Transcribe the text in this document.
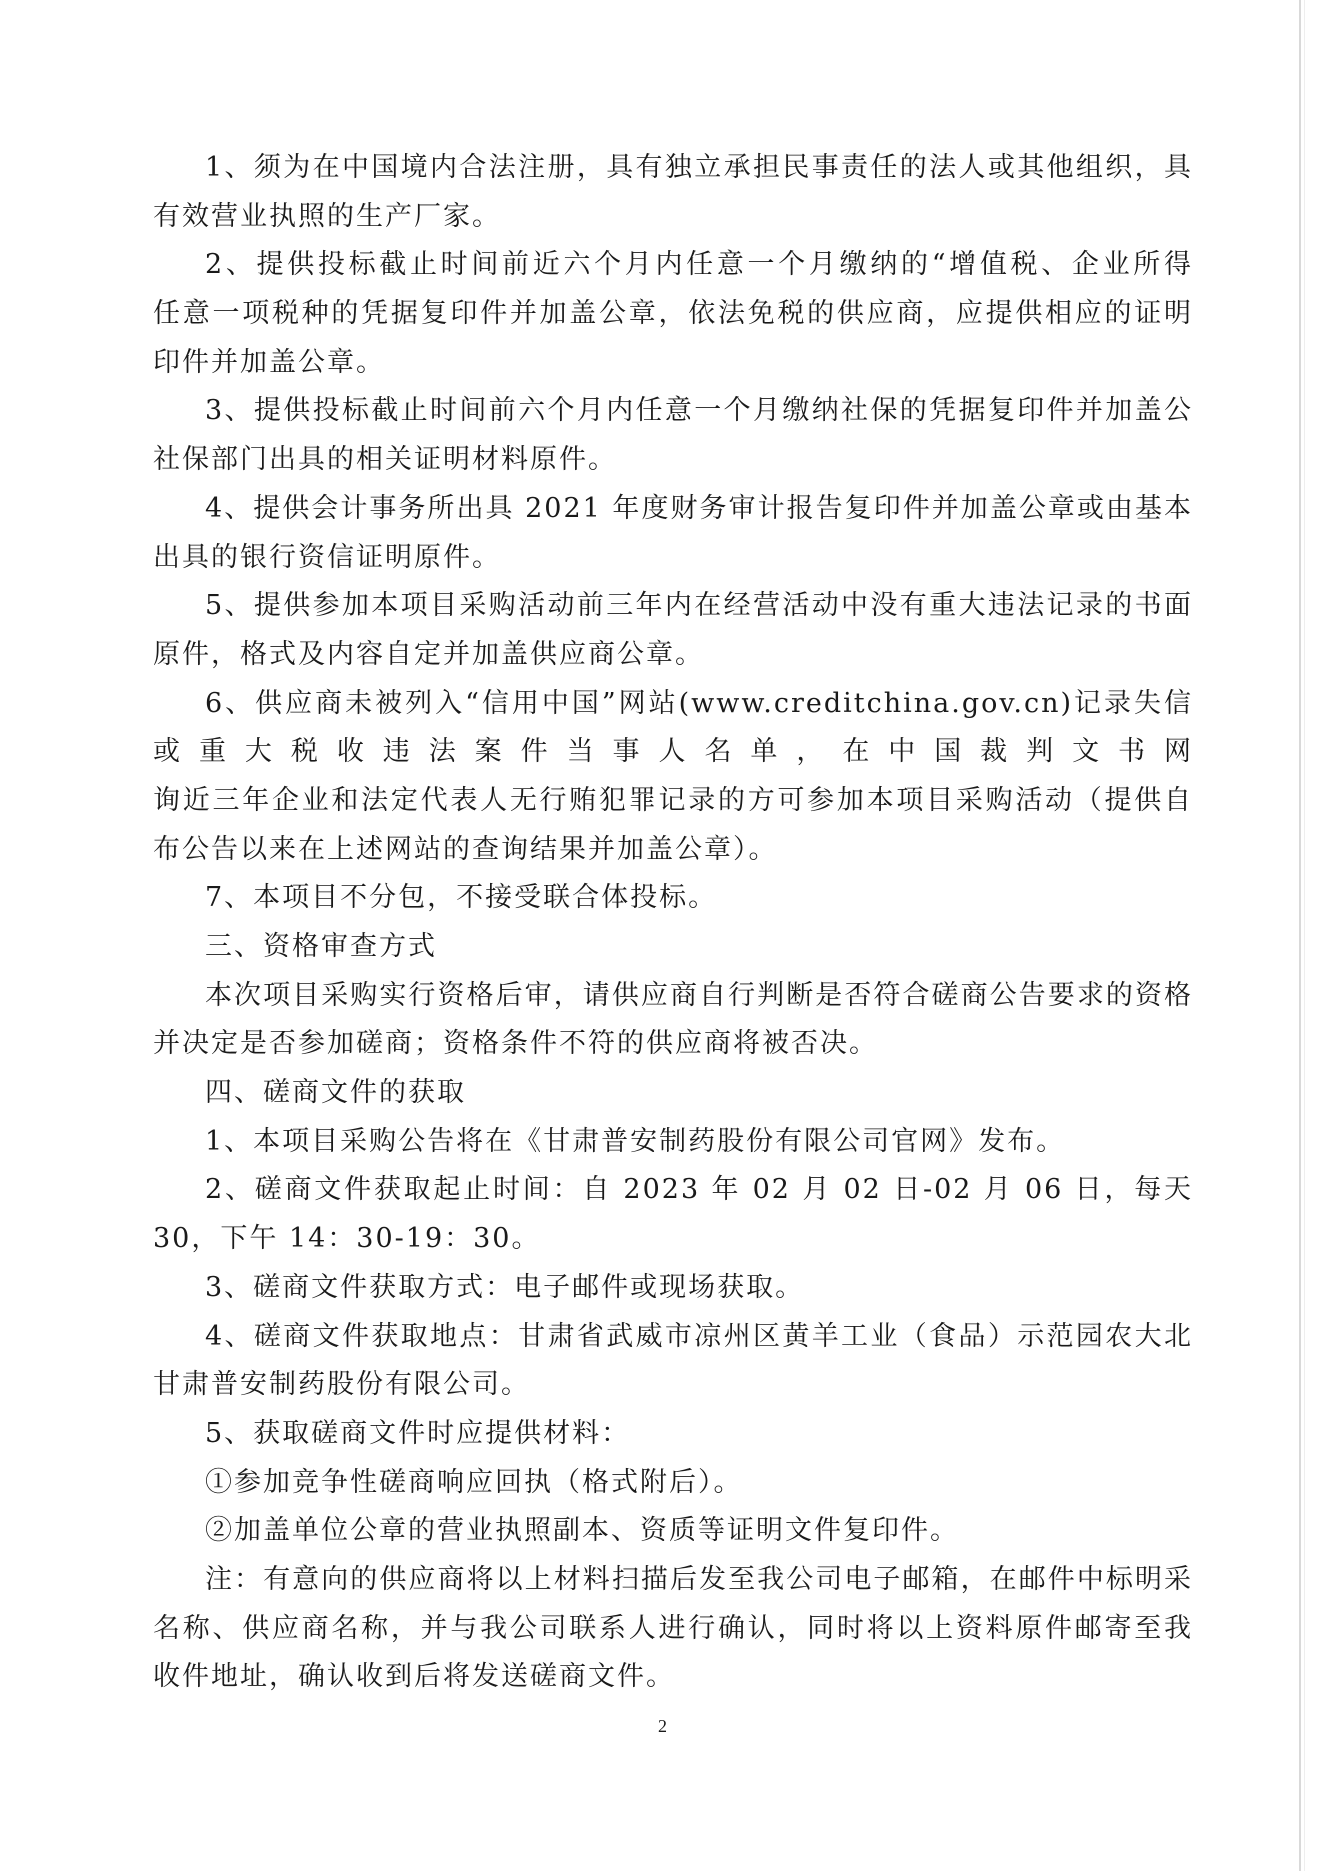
1、须为在中国境内合法注册，具有独立承担民事责任的法人或其他组织，具
有效营业执照的生产厂家。
2、提供投标截止时间前近六个月内任意一个月缴纳的“增值税、企业所得
任意一项税种的凭据复印件并加盖公章，依法免税的供应商，应提供相应的证明
印件并加盖公章。
3、提供投标截止时间前六个月内任意一个月缴纳社保的凭据复印件并加盖公
社保部门出具的相关证明材料原件。
4、提供会计事务所出具 2021 年度财务审计报告复印件并加盖公章或由基本
出具的银行资信证明原件。
5、提供参加本项目采购活动前三年内在经营活动中没有重大违法记录的书面
原件，格式及内容自定并加盖供应商公章。
6、供应商未被列入“信用中国”网站(www.creditchina.gov.cn)记录失信
或重大税收违法案件当事人名单，在中国裁判文书网
询近三年企业和法定代表人无行贿犯罪记录的方可参加本项目采购活动（提供自
布公告以来在上述网站的查询结果并加盖公章）。
7、本项目不分包，不接受联合体投标。
三、资格审查方式
本次项目采购实行资格后审，请供应商自行判断是否符合磋商公告要求的资格
并决定是否参加磋商；资格条件不符的供应商将被否决。
四、磋商文件的获取
1、本项目采购公告将在《甘肃普安制药股份有限公司官网》发布。
2、磋商文件获取起止时间：自 2023 年 02 月 02 日-02 月 06 日，每天
30，下午 14：30-19：30。
3、磋商文件获取方式：电子邮件或现场获取。
4、磋商文件获取地点：甘肃省武威市凉州区黄羊工业（食品）示范园农大北
甘肃普安制药股份有限公司。
5、获取磋商文件时应提供材料：
①参加竞争性磋商响应回执（格式附后）。
②加盖单位公章的营业执照副本、资质等证明文件复印件。
注：有意向的供应商将以上材料扫描后发至我公司电子邮箱，在邮件中标明采
名称、供应商名称，并与我公司联系人进行确认，同时将以上资料原件邮寄至我
收件地址，确认收到后将发送磋商文件。
2
